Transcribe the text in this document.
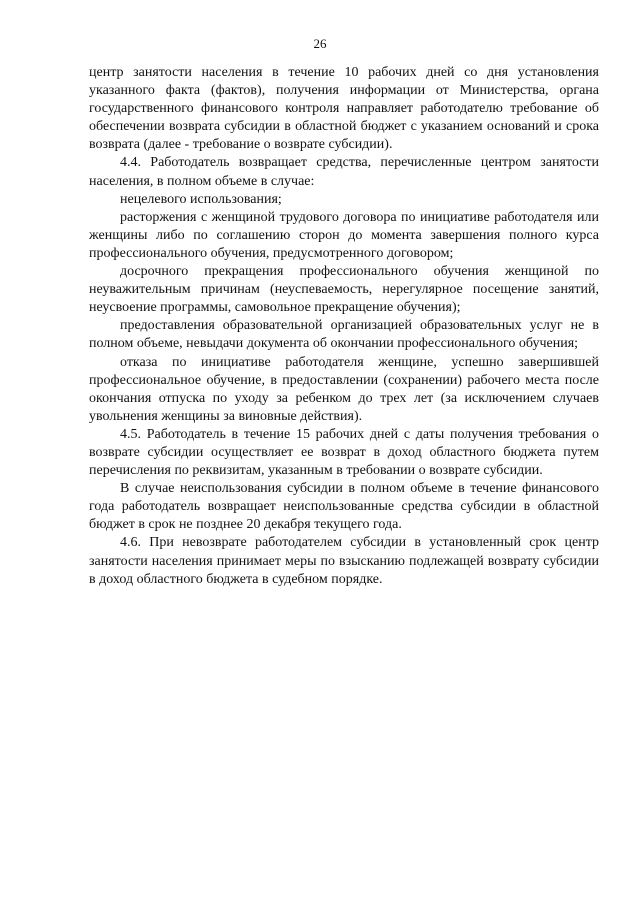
26

центр занятости населения в течение 10 рабочих дней со дня установления указанного факта (фактов), получения информации от Министерства, органа государственного финансового контроля направляет работодателю требование об обеспечении возврата субсидии в областной бюджет с указанием оснований и срока возврата (далее - требование о возврате субсидии).

4.4. Работодатель возвращает средства, перечисленные центром занятости населения, в полном объеме в случае:

нецелевого использования;

расторжения с женщиной трудового договора по инициативе работодателя или женщины либо по соглашению сторон до момента завершения полного курса профессионального обучения, предусмотренного договором;

досрочного прекращения профессионального обучения женщиной по неуважительным причинам (неуспеваемость, нерегулярное посещение занятий, неусвоение программы, самовольное прекращение обучения);

предоставления образовательной организацией образовательных услуг не в полном объеме, невыдачи документа об окончании профессионального обучения;

отказа по инициативе работодателя женщине, успешно завершившей профессиональное обучение, в предоставлении (сохранении) рабочего места после окончания отпуска по уходу за ребенком до трех лет (за исключением случаев увольнения женщины за виновные действия).

4.5. Работодатель в течение 15 рабочих дней с даты получения требования о возврате субсидии осуществляет ее возврат в доход областного бюджета путем перечисления по реквизитам, указанным в требовании о возврате субсидии.

В случае неиспользования субсидии в полном объеме в течение финансового года работодатель возвращает неиспользованные средства субсидии в областной бюджет в срок не позднее 20 декабря текущего года.

4.6. При невозврате работодателем субсидии в установленный срок центр занятости населения принимает меры по взысканию подлежащей возврату субсидии в доход областного бюджета в судебном порядке.
